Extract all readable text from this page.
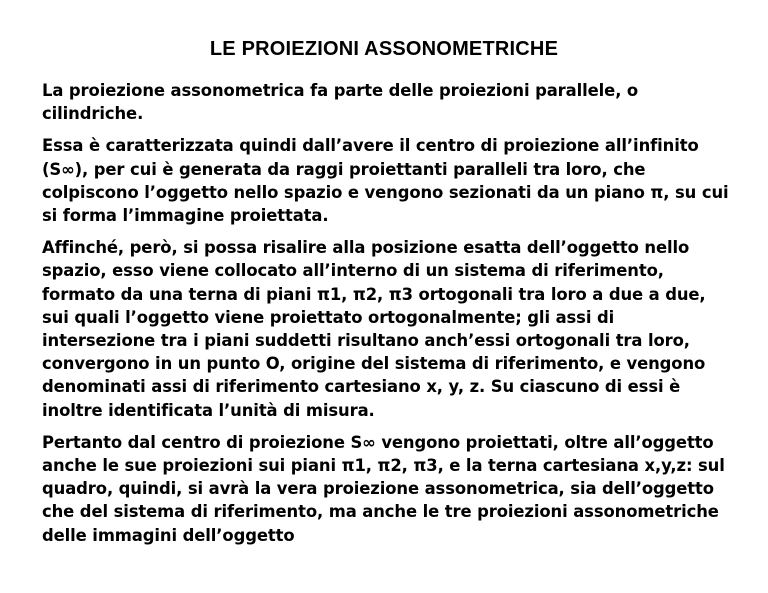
LE PROIEZIONI ASSONOMETRICHE

La proiezione assonometrica fa parte delle proiezioni parallele, o cilindriche.

Essa è caratterizzata quindi dall’avere il centro di proiezione all’infinito (S∞), per cui è generata da raggi proiettanti paralleli tra loro, che colpiscono l’oggetto nello spazio e vengono sezionati da un piano π, su cui si forma l’immagine proiettata.

Affinché, però, si possa risalire alla posizione esatta dell’oggetto nello spazio, esso viene collocato all’interno di un sistema di riferimento, formato da una terna di piani π1, π2, π3 ortogonali tra loro a due a due, sui quali l’oggetto viene proiettato ortogonalmente; gli assi di intersezione tra i piani suddetti risultano anch’essi ortogonali tra loro, convergono in un punto O, origine del sistema di riferimento, e vengono denominati assi di riferimento cartesiano x, y, z. Su ciascuno di essi è inoltre identificata l’unità di misura.

Pertanto dal centro di proiezione S∞ vengono proiettati, oltre all’oggetto anche le sue proiezioni sui piani π1, π2, π3, e la terna cartesiana x,y,z: sul quadro, quindi, si avrà la vera proiezione assonometrica, sia dell’oggetto che del sistema di riferimento, ma anche le tre proiezioni assonometriche delle immagini dell’oggetto
